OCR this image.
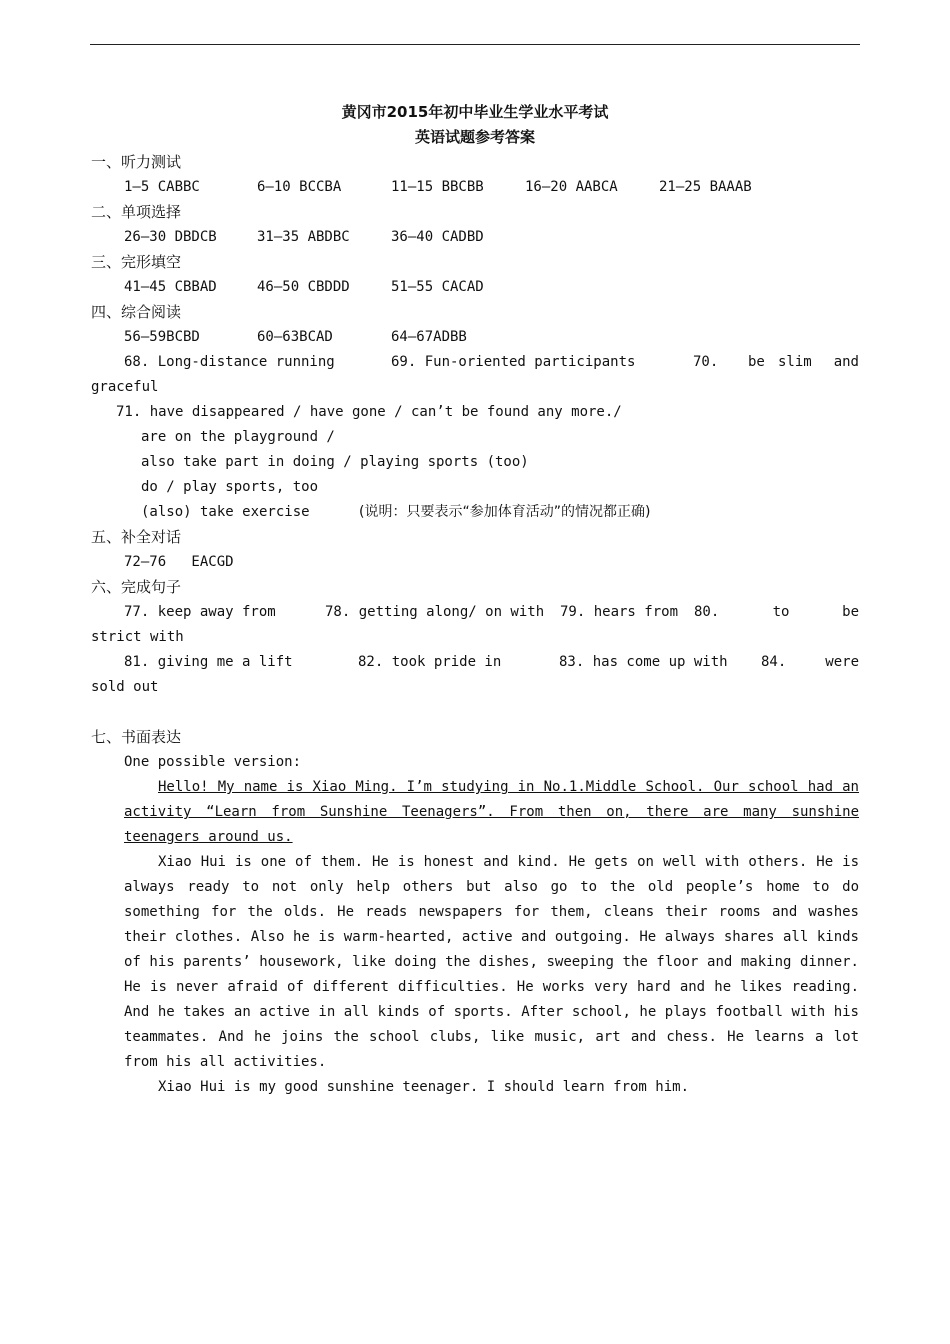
黄冈市2015年初中毕业生学业水平考试
英语试题参考答案
一、听力测试
1—5 CABBC	6—10 BCCBA	11—15 BBCBB	16—20 AABCA	21—25 BAAAB
二、单项选择
26—30 DBDCB	31—35 ABDBC	36—40 CADBD
三、完形填空
41—45 CBBAD	46—50 CBDDD	51—55 CACAD
四、综合阅读
56—59BCBD	60—63BCAD	64—67ADBB
68. Long-distance running	69. Fun-oriented participants	70.	be slim	and
graceful
71. have disappeared / have gone / can’t be found any more./
are on the playground /
also take part in doing / playing sports (too)
do / play sports, too
(also) take exercise	(说明：只要表示“参加体育活动”的情况都正确)
五、补全对话
72—76   EACGD
六、完成句子
77. keep away from	78. getting along/ on with	79. hears from	80.	to	be
strict with
81. giving me a lift	82. took pride in	83. has come up with	84.	were
sold out
七、书面表达
One possible version:

Hello! My name is Xiao Ming. I’m studying in No.1.Middle School. Our school had an activity “Learn from Sunshine Teenagers”. From then on, there are many sunshine teenagers around us.

Xiao Hui is one of them. He is honest and kind. He gets on well with others. He is always ready to not only help others but also go to the old people’s home to do something for the olds. He reads newspapers for them, cleans their rooms and washes their clothes. Also he is warm-hearted, active and outgoing. He always shares all kinds of his parents’ housework, like doing the dishes, sweeping the floor and making dinner. He is never afraid of different difficulties. He works very hard and he likes reading. And he takes an active in all kinds of sports. After school, he plays football with his teammates. And he joins the school clubs, like music, art and chess. He learns a lot from his all activities.

Xiao Hui is my good sunshine teenager. I should learn from him.
